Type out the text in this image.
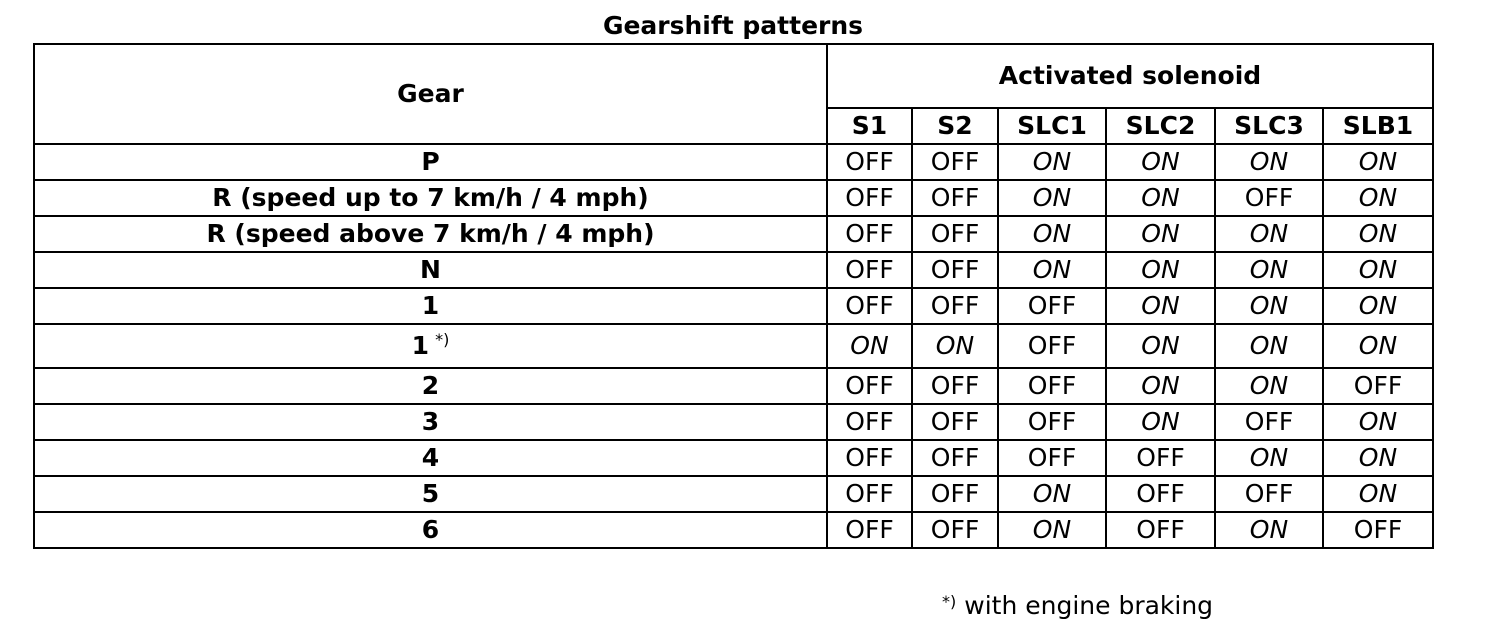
Gearshift patterns
Gear	Activated solenoid					
	S1	S2	SLC1	SLC2	SLC3	SLB1
P	OFF	OFF	ON	ON	ON	ON
R (speed up to 7 km/h / 4 mph)	OFF	OFF	ON	ON	OFF	ON
R (speed above 7 km/h / 4 mph)	OFF	OFF	ON	ON	ON	ON
N	OFF	OFF	ON	ON	ON	ON
1	OFF	OFF	OFF	ON	ON	ON
1 *)	ON	ON	OFF	ON	ON	ON
2	OFF	OFF	OFF	ON	ON	OFF
3	OFF	OFF	OFF	ON	OFF	ON
4	OFF	OFF	OFF	OFF	ON	ON
5	OFF	OFF	ON	OFF	OFF	ON
6	OFF	OFF	ON	OFF	ON	OFF
*) with engine braking
